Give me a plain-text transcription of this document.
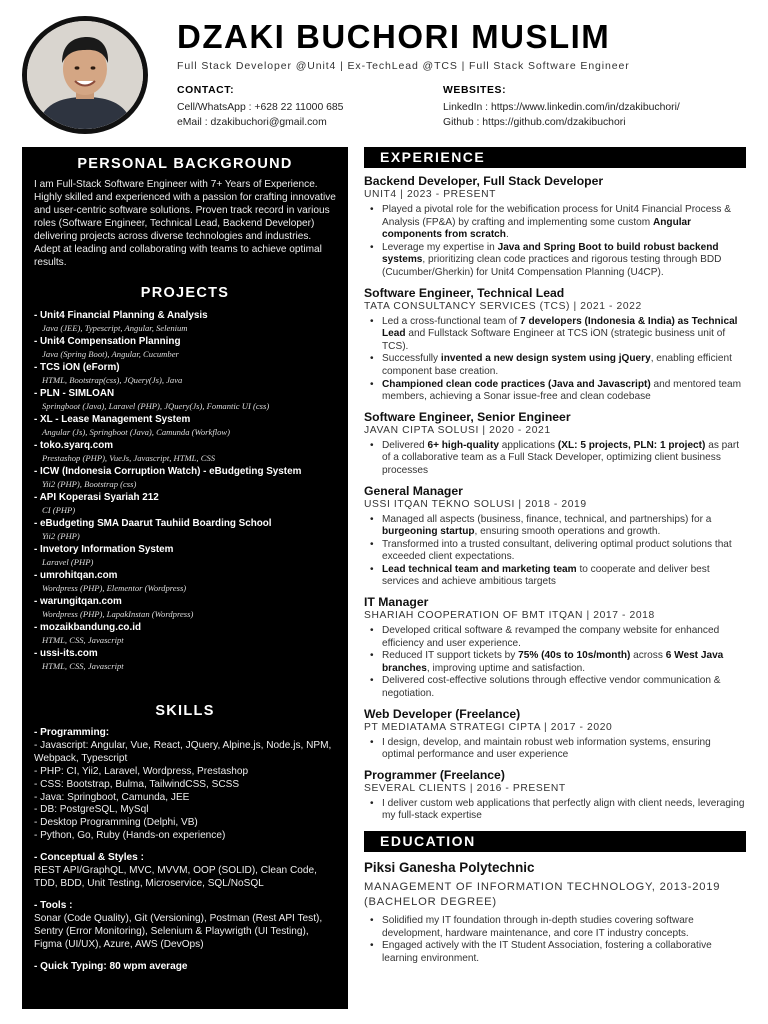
DZAKI BUCHORI MUSLIM
Full Stack Developer @Unit4 | Ex-TechLead @TCS | Full Stack Software Engineer
CONTACT:
Cell/WhatsApp : +628 22 11000 685
eMail : dzakibuchori@gmail.com
WEBSITES:
LinkedIn : https://www.linkedin.com/in/dzakibuchori/
Github : https://github.com/dzakibuchori
PERSONAL BACKGROUND
I am Full-Stack Software Engineer with 7+ Years of Experience. Highly skilled and experienced with a passion for crafting innovative and user-centric software solutions. Proven track record in various roles (Software Engineer, Technical Lead, Backend Developer) delivering projects across diverse technologies and industries. Adept at leading and collaborating with teams to achieve optimal results.
PROJECTS
- Unit4 Financial Planning & Analysis
Java (JEE), Typescript, Angular, Selenium
- Unit4 Compensation Planning
Java (Spring Boot), Angular, Cucumber
- TCS iON (eForm)
HTML, Bootstrap(css), JQuery(Js), Java
- PLN - SIMLOAN
Springboot (Java), Laravel (PHP), JQuery(Js), Fomantic UI (css)
- XL - Lease Management System
Angular (Js), Springboot (Java), Camunda (Workflow)
- toko.syarq.com
Prestashop (PHP), VueJs, Javascript, HTML, CSS
- ICW (Indonesia Corruption Watch) - eBudgeting System
Yii2 (PHP), Bootstrap (css)
- API Koperasi Syariah 212
CI (PHP)
- eBudgeting SMA Daarut Tauhiid Boarding School
Yii2 (PHP)
- Invetory Information System
Laravel (PHP)
- umrohitqan.com
Wordpress (PHP), Elementor (Wordpress)
- warungitqan.com
Wordpress (PHP), LapakInstan (Wordpress)
- mozaikbandung.co.id
HTML, CSS, Javascript
- ussi-its.com
HTML, CSS, Javascript
SKILLS
- Programming:
- Javascript: Angular, Vue, React, JQuery, Alpine.js, Node.js, NPM, Webpack, Typescript
- PHP: CI, Yii2, Laravel, Wordpress, Prestashop
- CSS: Bootstrap, Bulma, TailwindCSS, SCSS
- Java: Springboot, Camunda, JEE
- DB: PostgreSQL, MySql
- Desktop Programming (Delphi, VB)
- Python, Go, Ruby (Hands-on experience)
- Conceptual & Styles :
REST API/GraphQL, MVC, MVVM, OOP (SOLID), Clean Code, TDD, BDD, Unit Testing, Microservice, SQL/NoSQL
- Tools :
Sonar (Code Quality), Git (Versioning), Postman (Rest API Test), Sentry (Error Monitoring), Selenium & Playwrigth (UI Testing), Figma (UI/UX), Azure, AWS (DevOps)
- Quick Typing: 80 wpm average
EXPERIENCE
Backend Developer, Full Stack Developer
UNIT4 | 2023 - PRESENT
• Played a pivotal role for the webification process for Unit4 Financial Process & Analysis (FP&A) by crafting and implementing some custom Angular components from scratch.
• Leverage my expertise in Java and Spring Boot to build robust backend systems, prioritizing clean code practices and rigorous testing through BDD (Cucumber/Gherkin) for Unit4 Compensation Planning (U4CP).
Software Engineer, Technical Lead
TATA CONSULTANCY SERVICES (TCS) | 2021 - 2022
• Led a cross-functional team of 7 developers (Indonesia & India) as Technical Lead and Fullstack Software Engineer at TCS iON (strategic business unit of TCS).
• Successfully invented a new design system using jQuery, enabling efficient component base creation.
• Championed clean code practices (Java and Javascript) and mentored team members, achieving a Sonar issue-free and clean codebase
Software Engineer, Senior Engineer
JAVAN CIPTA SOLUSI | 2020 - 2021
• Delivered 6+ high-quality applications (XL: 5 projects, PLN: 1 project) as part of a collaborative team as a Full Stack Developer, optimizing client business processes
General Manager
USSI ITQAN TEKNO SOLUSI | 2018 - 2019
• Managed all aspects (business, finance, technical, and partnerships) for a burgeoning startup, ensuring smooth operations and growth.
• Transformed into a trusted consultant, delivering optimal product solutions that exceeded client expectations.
• Lead technical team and marketing team to cooperate and deliver best services and achieve ambitious targets
IT Manager
SHARIAH COOPERATION OF BMT ITQAN | 2017 - 2018
• Developed critical software & revamped the company website for enhanced efficiency and user experience.
• Reduced IT support tickets by 75% (40s to 10s/month) across 6 West Java branches, improving uptime and satisfaction.
• Delivered cost-effective solutions through effective vendor communication & negotiation.
Web Developer (Freelance)
PT MEDIATAMA STRATEGI CIPTA | 2017 - 2020
• I design, develop, and maintain robust web information systems, ensuring optimal performance and user experience
Programmer (Freelance)
SEVERAL CLIENTS | 2016 - PRESENT
• I deliver custom web applications that perfectly align with client needs, leveraging my full-stack expertise
EDUCATION
Piksi Ganesha Polytechnic
MANAGEMENT OF INFORMATION TECHNOLOGY, 2013-2019 (BACHELOR DEGREE)
• Solidified my IT foundation through in-depth studies covering software development, hardware maintenance, and core IT industry concepts.
• Engaged actively with the IT Student Association, fostering a collaborative learning environment.
